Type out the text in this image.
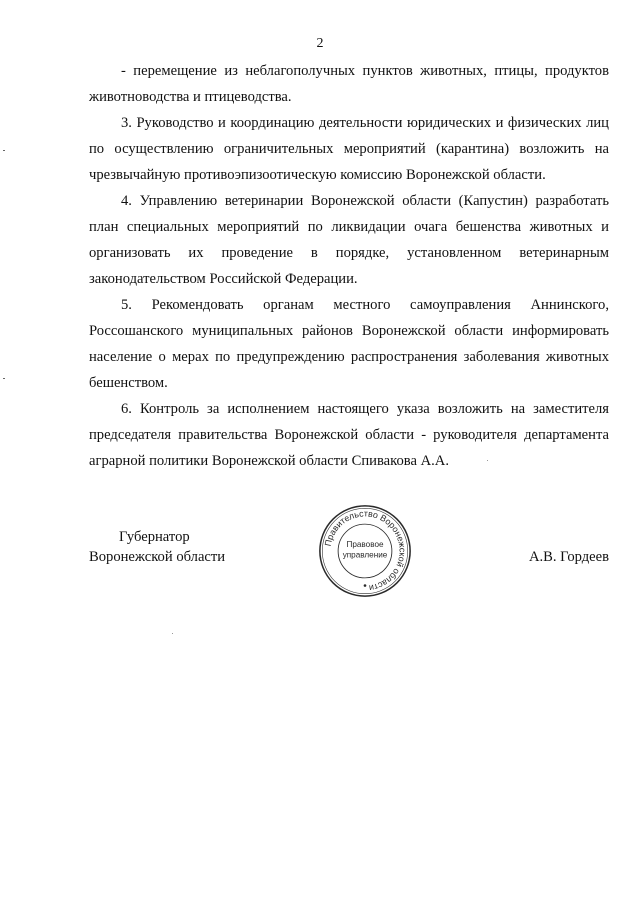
2

- перемещение из неблагополучных пунктов животных, птицы, продуктов животноводства и птицеводства.

3. Руководство и координацию деятельности юридических и физических лиц по осуществлению ограничительных мероприятий (карантина) возложить на чрезвычайную противоэпизоотическую комиссию Воронежской области.

4. Управлению ветеринарии Воронежской области (Капустин) разработать план специальных мероприятий по ликвидации очага бешенства животных и организовать их проведение в порядке, установленном ветеринарным законодательством Российской Федерации.

5. Рекомендовать органам местного самоуправления Аннинского, Россошанского муниципальных районов Воронежской области информировать население о мерах по предупреждению распространения заболевания животных бешенством.

6. Контроль за исполнением настоящего указа возложить на заместителя председателя правительства Воронежской области - руководителя департамента аграрной политики Воронежской области Спивакова А.А.

Губернатор
Воронежской области
Правительство Воронежской области
Правовое
управление	А.В. Гордеев
